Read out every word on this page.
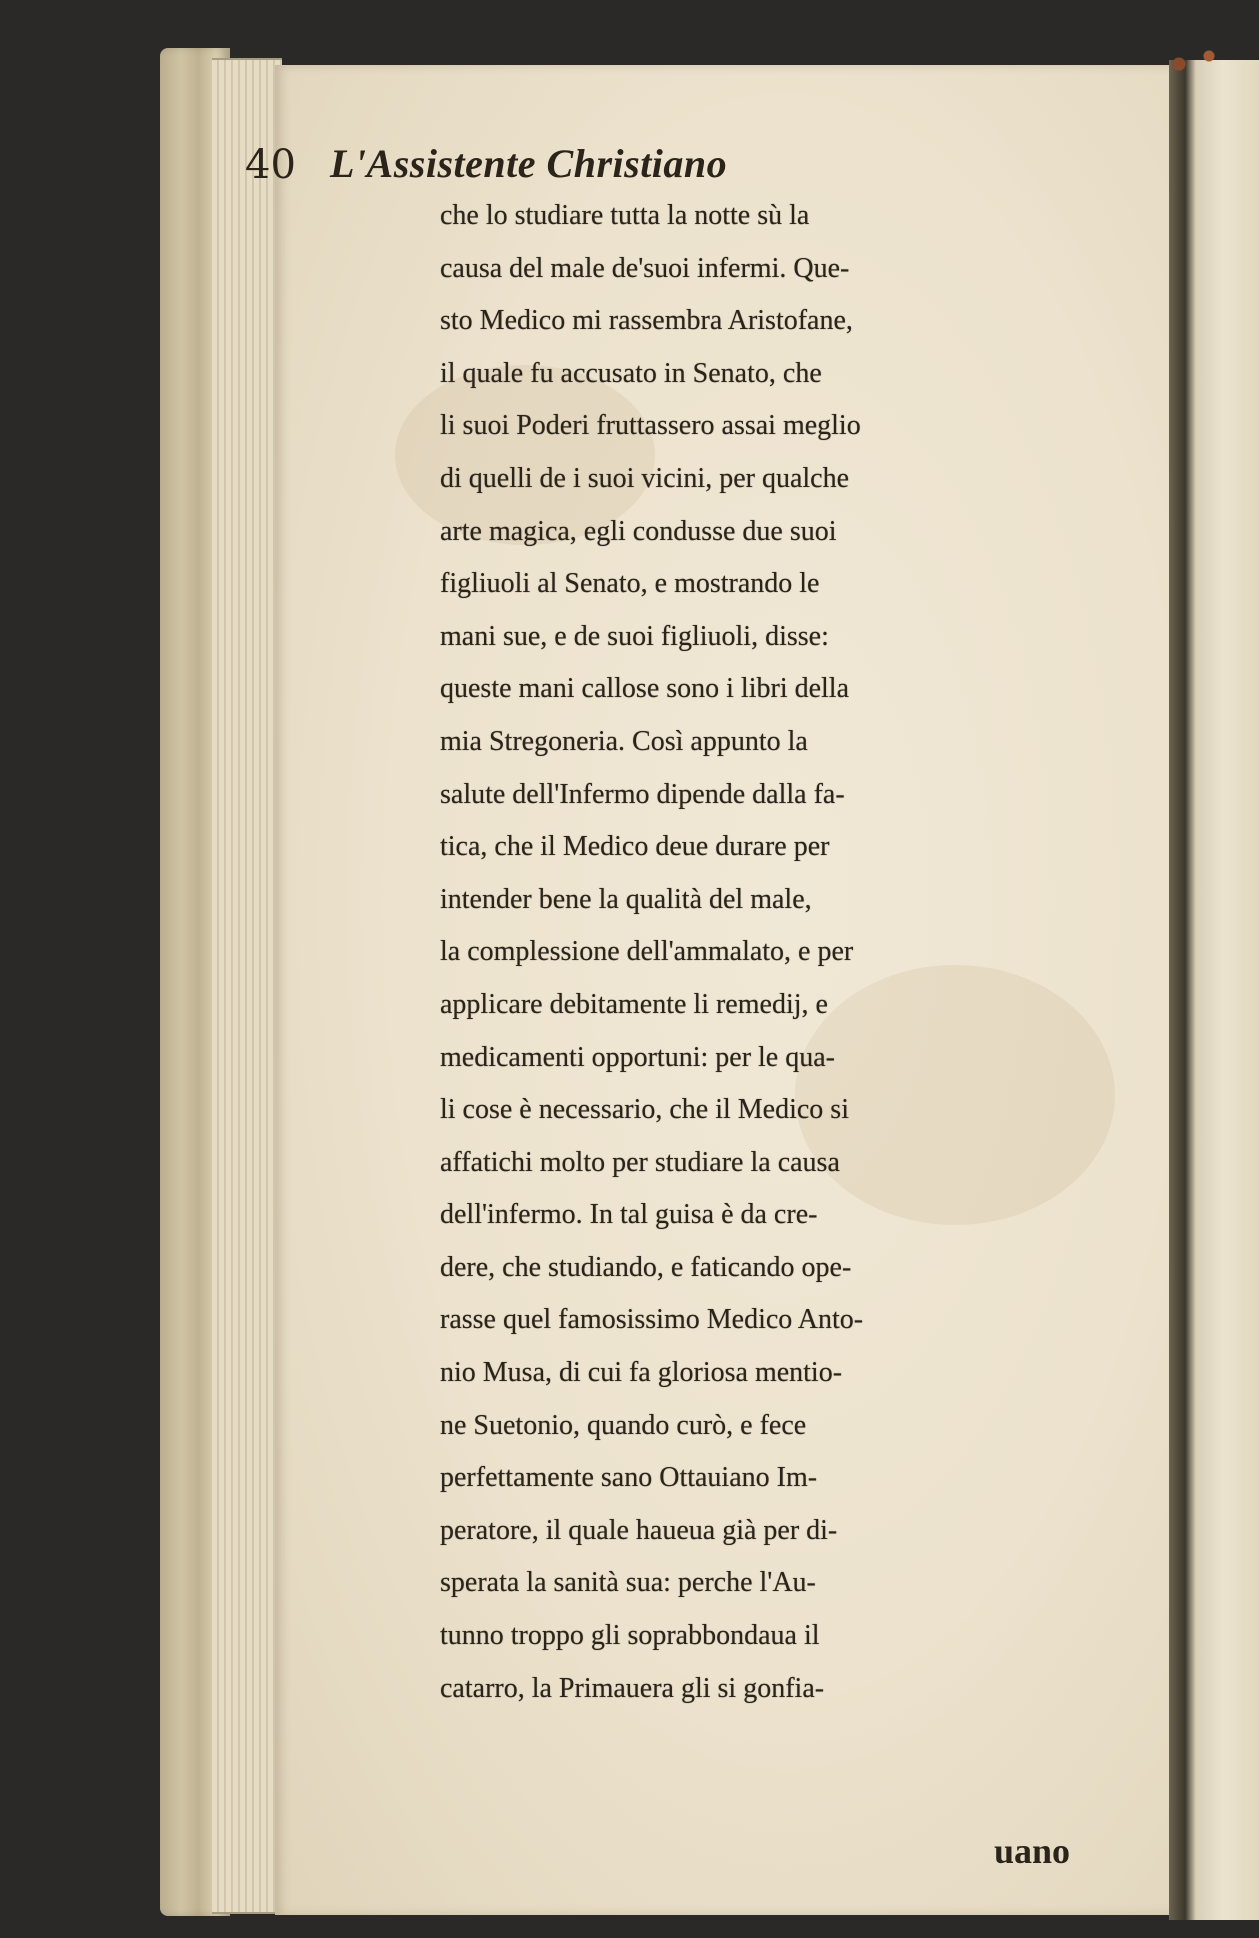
40 L'Assistente Christiano
che lo studiare tutta la notte sù la
causa del male de'suoi infermi. Que-
sto Medico mi rassembra Aristofane,
il quale fu accusato in Senato, che
li suoi Poderi fruttassero assai meglio
di quelli de i suoi vicini, per qualche
arte magica, egli condusse due suoi
figliuoli al Senato, e mostrando le
mani sue, e de suoi figliuoli, disse:
queste mani callose sono i libri della
mia Stregoneria. Così appunto la
salute dell'Infermo dipende dalla fa-
tica, che il Medico deue durare per
intender bene la qualità del male,
la complessione dell'ammalato, e per
applicare debitamente li remedij, e
medicamenti opportuni: per le qua-
li cose è necessario, che il Medico si
affatichi molto per studiare la causa
dell'infermo. In tal guisa è da cre-
dere, che studiando, e faticando ope-
rasse quel famosissimo Medico Anto-
nio Musa, di cui fa gloriosa mentio-
ne Suetonio, quando curò, e fece
perfettamente sano Ottauiano Im-
peratore, il quale haueua già per di-
sperata la sanità sua: perche l'Au-
tunno troppo gli soprabbondaua il
catarro, la Primauera gli si gonfia-
uano
